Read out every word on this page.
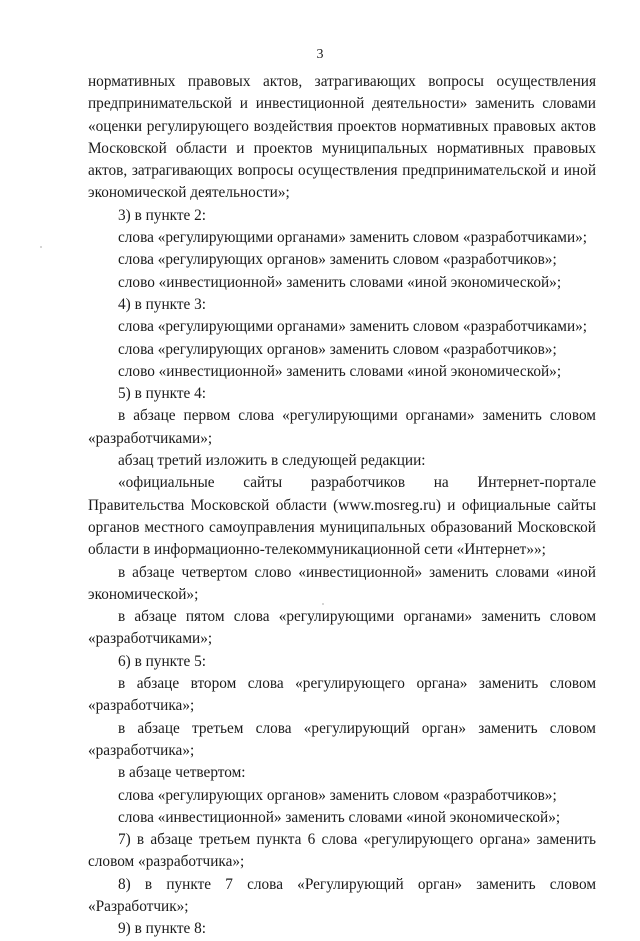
3

нормативных правовых актов, затрагивающих вопросы осуществления предпринимательской и инвестиционной деятельности» заменить словами «оценки регулирующего воздействия проектов нормативных правовых актов Московской области и проектов муниципальных нормативных правовых актов, затрагивающих вопросы осуществления предпринимательской и иной экономической деятельности»;

3) в пункте 2:

слова «регулирующими органами» заменить словом «разработчиками»;

слова «регулирующих органов» заменить словом «разработчиков»;

слово «инвестиционной» заменить словами «иной экономической»;

4) в пункте 3:

слова «регулирующими органами» заменить словом «разработчиками»;

слова «регулирующих органов» заменить словом «разработчиков»;

слово «инвестиционной» заменить словами «иной экономической»;

5) в пункте 4:

в абзаце первом слова «регулирующими органами» заменить словом «разработчиками»;

абзац третий изложить в следующей редакции:

«официальные сайты разработчиков на Интернет-портале Правительства Московской области (www.mosreg.ru) и официальные сайты органов местного самоуправления муниципальных образований Московской области в информационно-телекоммуникационной сети «Интернет»»;

в абзаце четвертом слово «инвестиционной» заменить словами «иной экономической»;

в абзаце пятом слова «регулирующими органами» заменить словом «разработчиками»;

6) в пункте 5:

в абзаце втором слова «регулирующего органа» заменить словом «разработчика»;

в абзаце третьем слова «регулирующий орган» заменить словом «разработчика»;

в абзаце четвертом:

слова «регулирующих органов» заменить словом «разработчиков»;

слова «инвестиционной» заменить словами «иной экономической»;

7) в абзаце третьем пункта 6 слова «регулирующего органа» заменить словом «разработчика»;

8) в пункте 7 слова «Регулирующий орган» заменить словом «Разработчик»;

9) в пункте 8:
